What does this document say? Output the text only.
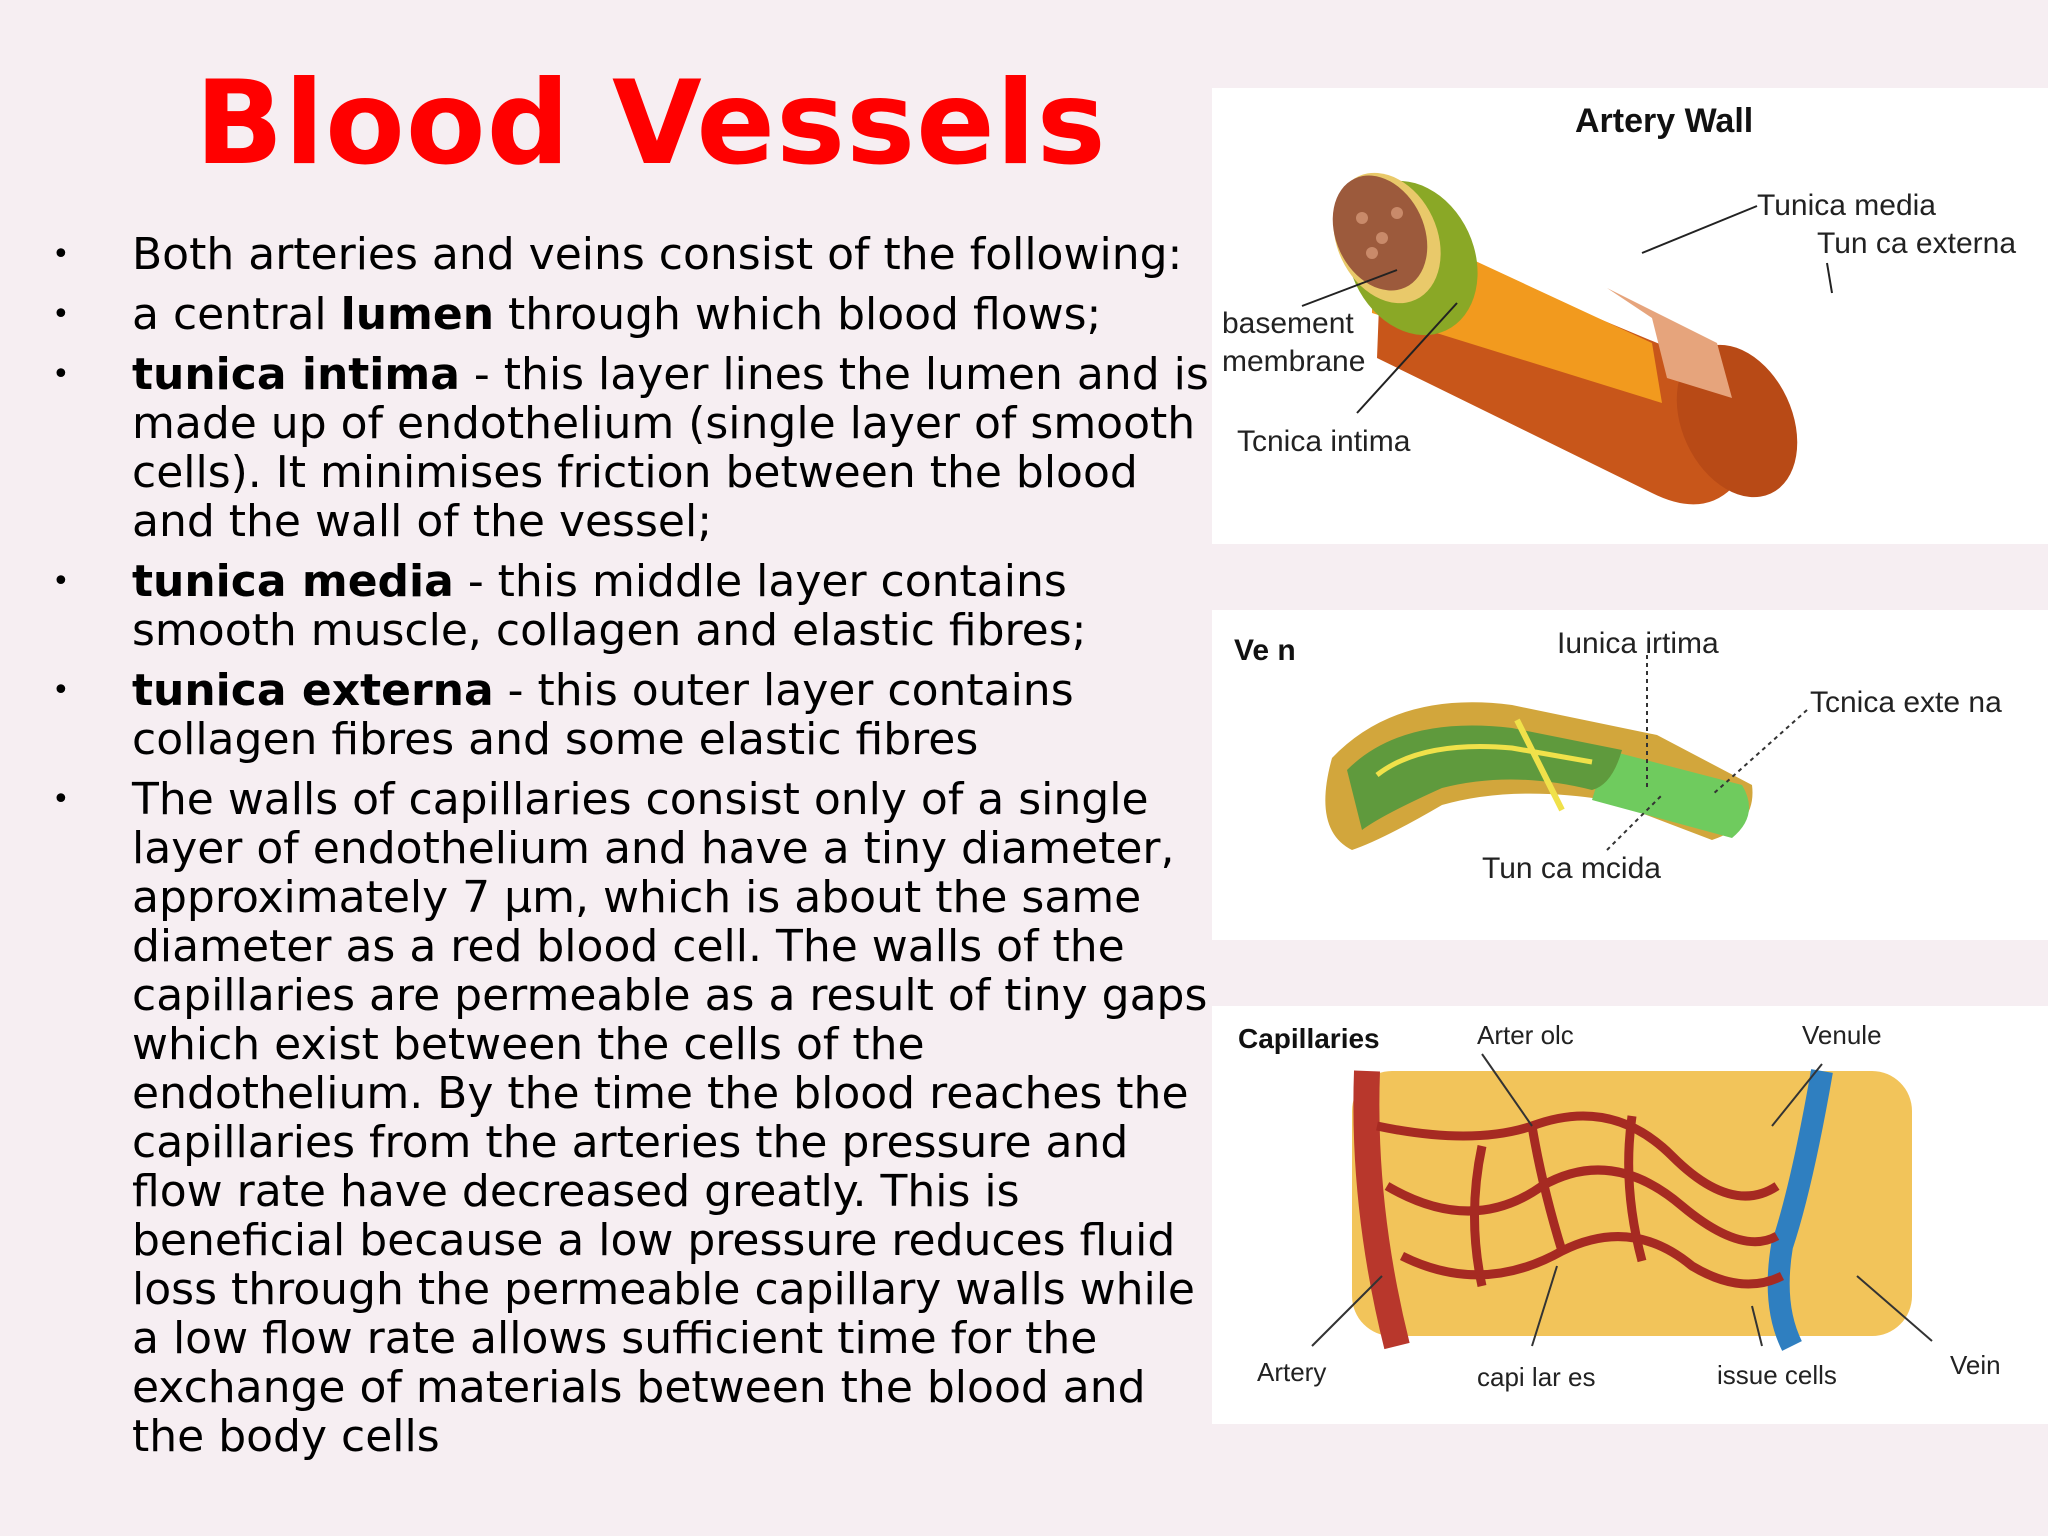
Blood Vessels
• Both arteries and veins consist of the following:
• a central lumen through which blood flows;
• tunica intima - this layer lines the lumen and is made up of endothelium (single layer of smooth cells). It minimises friction between the blood and the wall of the vessel;
• tunica media - this middle layer contains smooth muscle, collagen and elastic fibres;
• tunica externa - this outer layer contains collagen fibres and some elastic fibres
• The walls of capillaries consist only of a single layer of endothelium and have a tiny diameter, approximately 7 µm, which is about the same diameter as a red blood cell. The walls of the capillaries are permeable as a result of tiny gaps which exist between the cells of the endothelium. By the time the blood reaches the capillaries from the arteries the pressure and flow rate have decreased greatly. This is beneficial because a low pressure reduces fluid loss through the permeable capillary walls while a low flow rate allows sufficient time for the exchange of materials between the blood and the body cells
Artery Wall
Tunica media
Tun ca externa
basement
membrane
Tcnica intima
Ve n	Iunica irtima
Tcnica exte na
Tun ca mcida
Capillaries	Arter olc	Venule
Artery	capi lar es	issue cells	Vein
